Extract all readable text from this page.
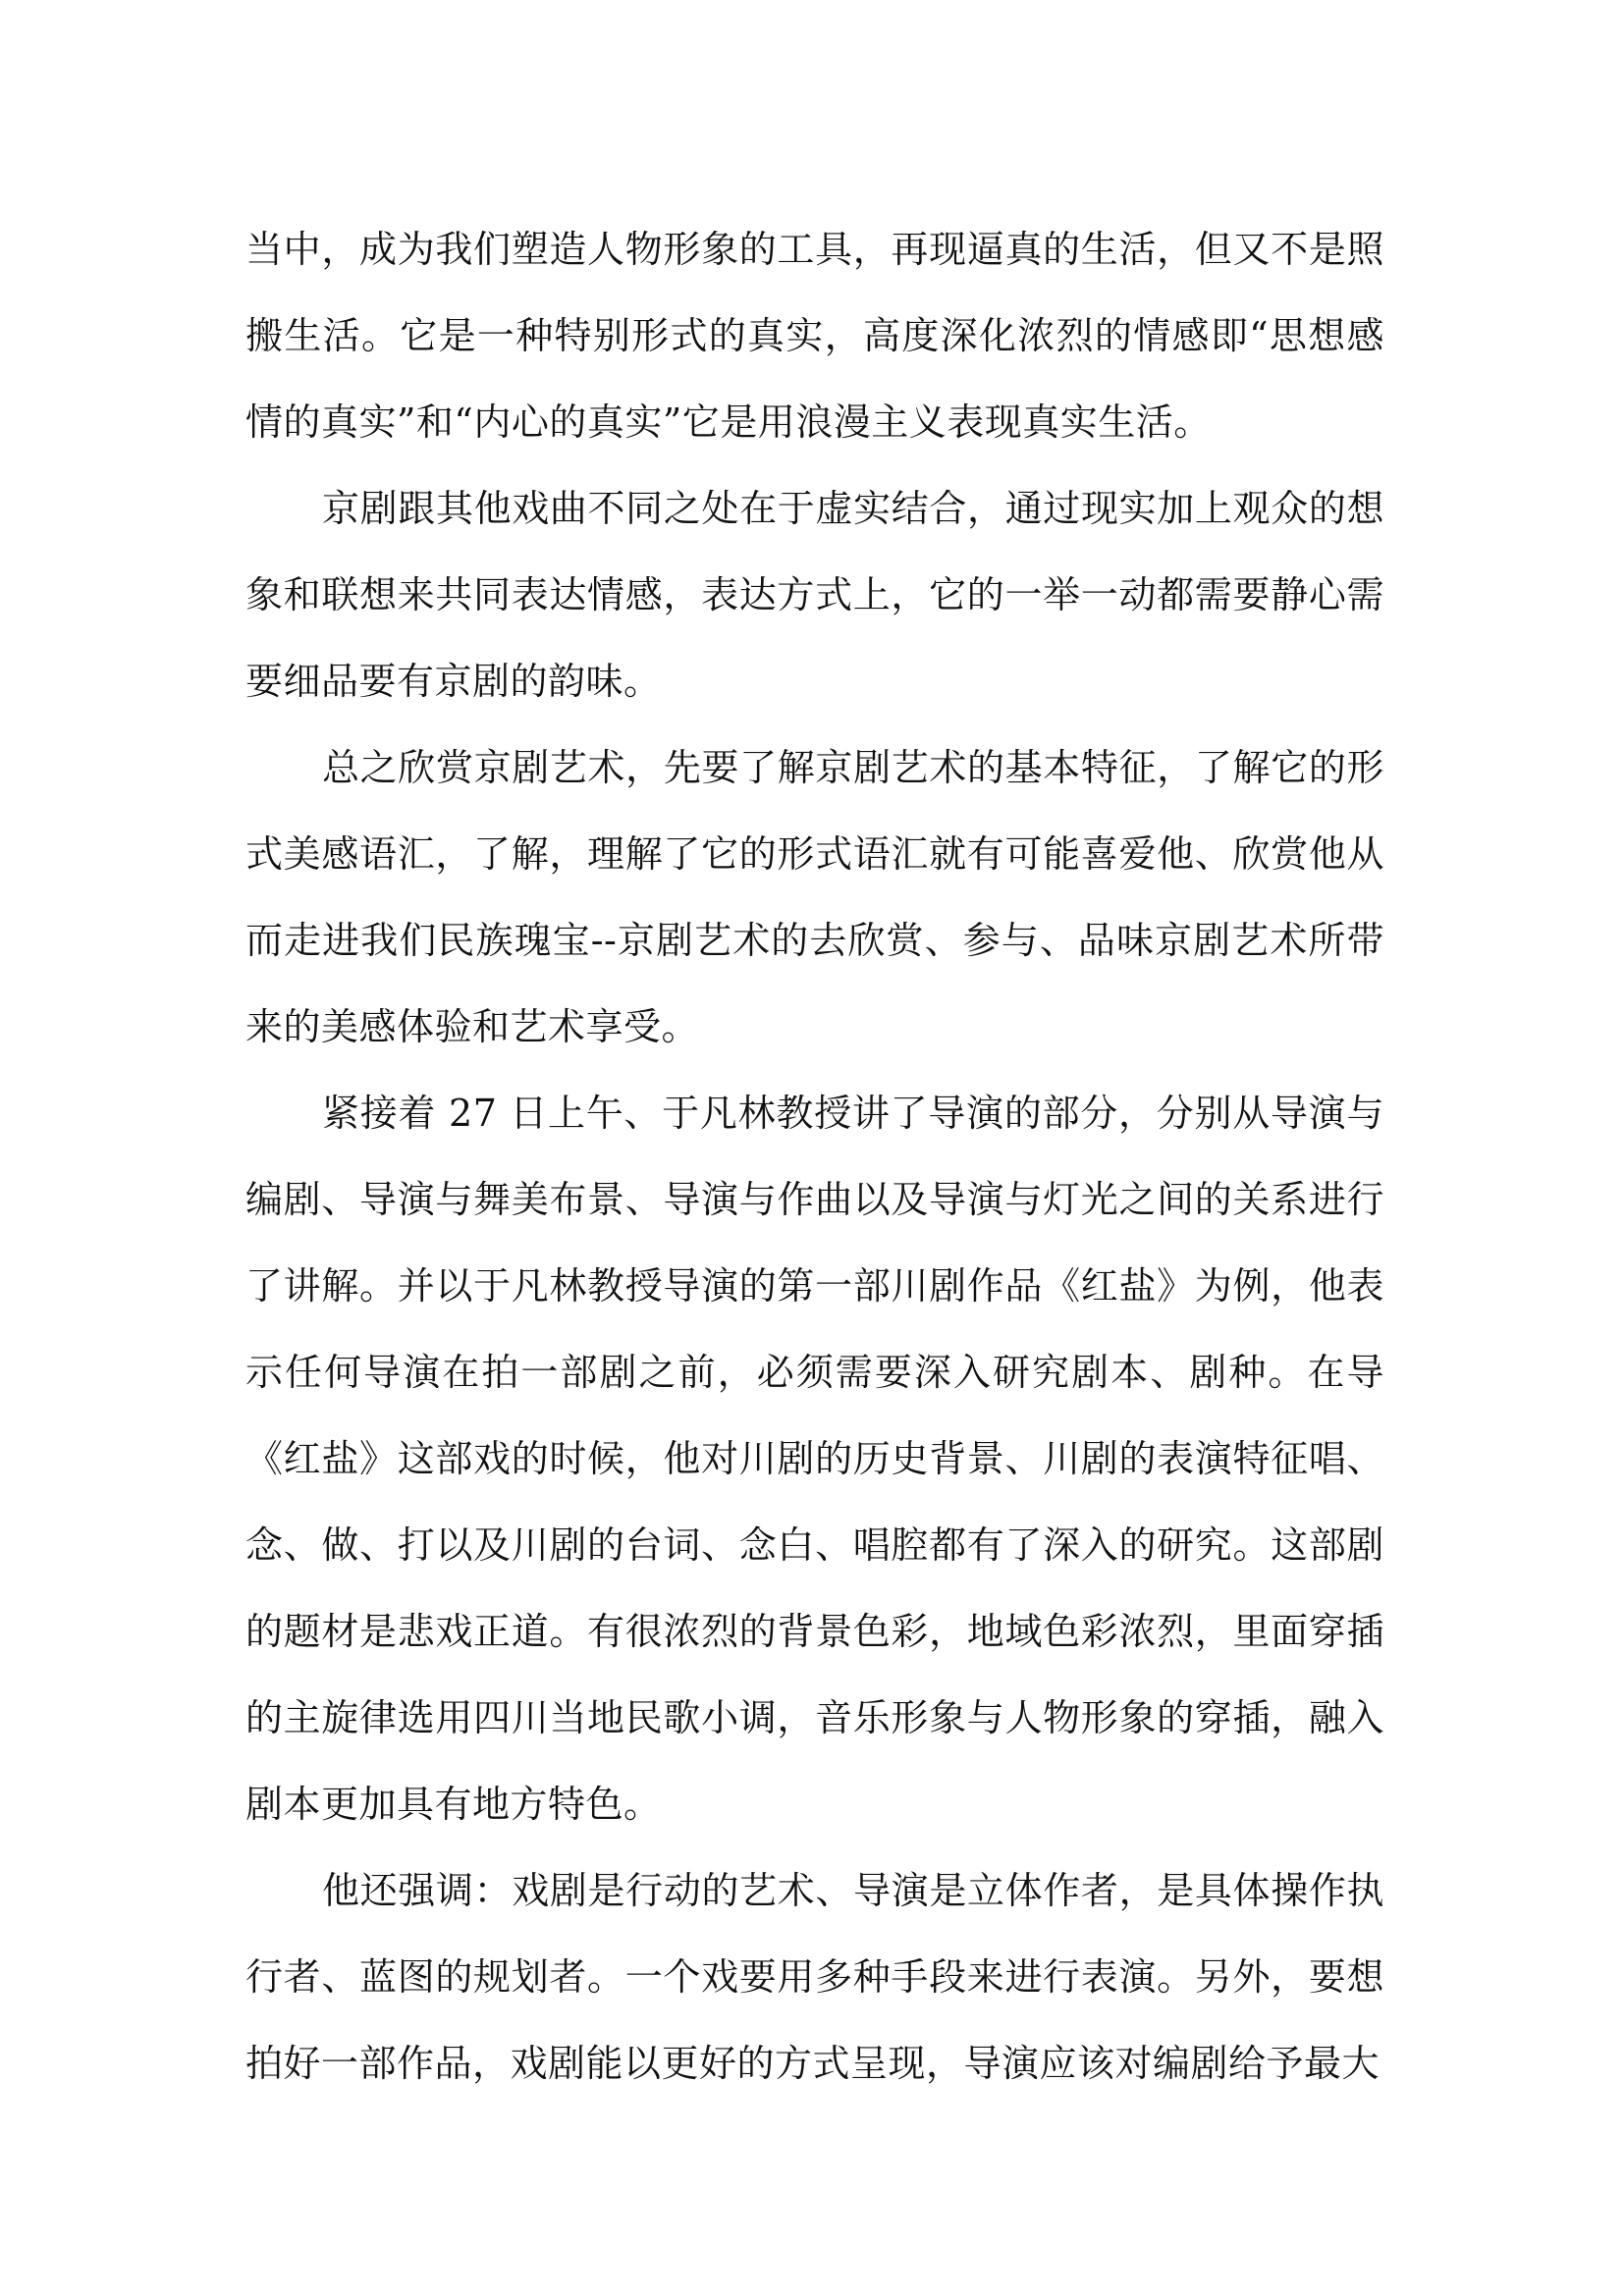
当中，成为我们塑造人物形象的工具，再现逼真的生活，但又不是照搬生活。它是一种特别形式的真实，高度深化浓烈的情感即“思想感情的真实”和“内心的真实”它是用浪漫主义表现真实生活。

京剧跟其他戏曲不同之处在于虚实结合，通过现实加上观众的想象和联想来共同表达情感，表达方式上，它的一举一动都需要静心需要细品要有京剧的韵味。

总之欣赏京剧艺术，先要了解京剧艺术的基本特征，了解它的形式美感语汇，了解，理解了它的形式语汇就有可能喜爱他、欣赏他从而走进我们民族瑰宝--京剧艺术的去欣赏、参与、品味京剧艺术所带来的美感体验和艺术享受。

紧接着 27 日上午、于凡林教授讲了导演的部分，分别从导演与编剧、导演与舞美布景、导演与作曲以及导演与灯光之间的关系进行了讲解。并以于凡林教授导演的第一部川剧作品《红盐》为例，他表示任何导演在拍一部剧之前，必须需要深入研究剧本、剧种。在导《红盐》这部戏的时候，他对川剧的历史背景、川剧的表演特征唱、念、做、打以及川剧的台词、念白、唱腔都有了深入的研究。这部剧的题材是悲戏正道。有很浓烈的背景色彩，地域色彩浓烈，里面穿插的主旋律选用四川当地民歌小调，音乐形象与人物形象的穿插，融入剧本更加具有地方特色。

他还强调：戏剧是行动的艺术、导演是立体作者，是具体操作执行者、蓝图的规划者。一个戏要用多种手段来进行表演。另外，要想拍好一部作品，戏剧能以更好的方式呈现，导演应该对编剧给予最大
